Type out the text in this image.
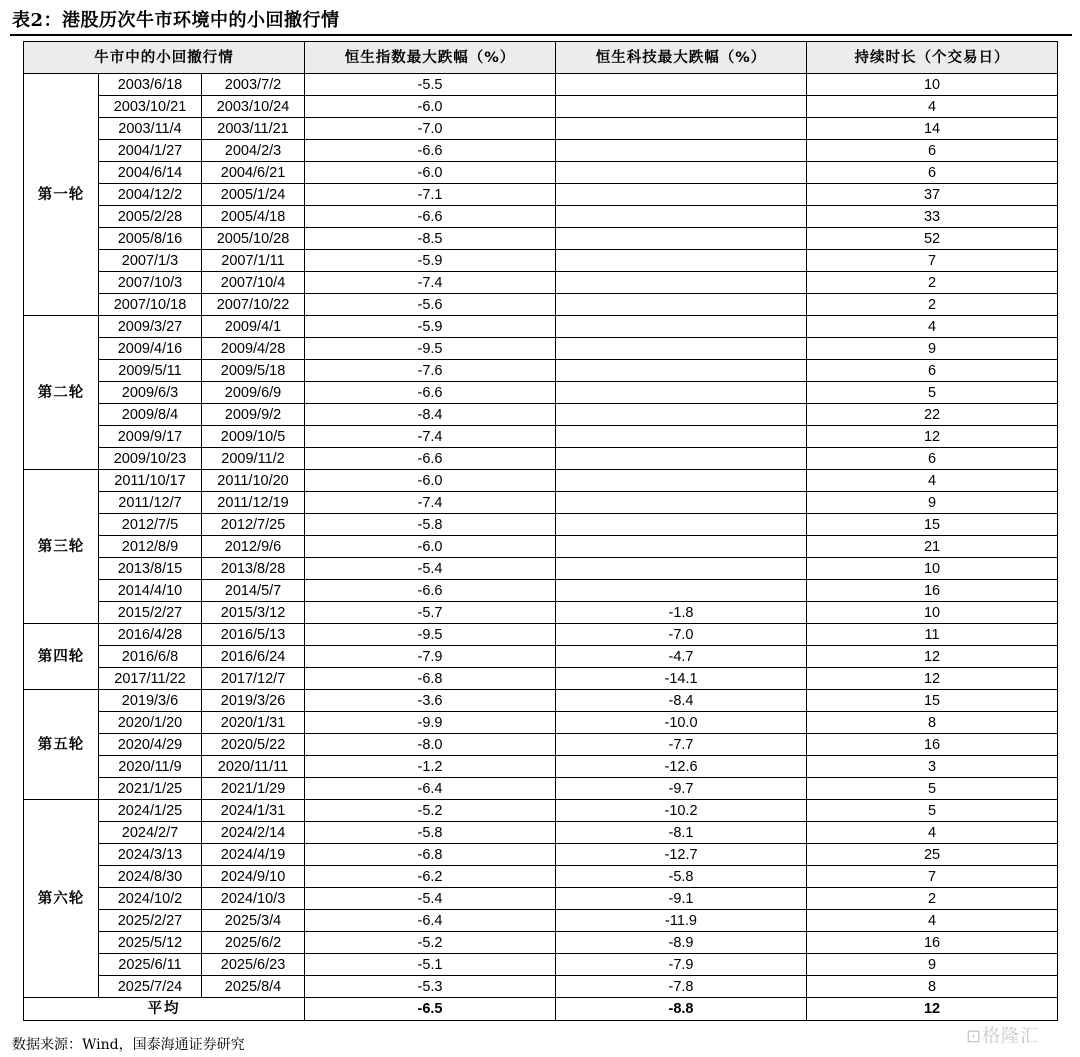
表2：港股历次牛市环境中的小回撤行情
牛市中的小回撤行情			恒生指数最大跌幅（%）	恒生科技最大跌幅（%）	持续时长（个交易日）
第一轮	2003/6/18	2003/7/2	-5.5		10
	2003/10/21	2003/10/24	-6.0		4
	2003/11/4	2003/11/21	-7.0		14
	2004/1/27	2004/2/3	-6.6		6
	2004/6/14	2004/6/21	-6.0		6
	2004/12/2	2005/1/24	-7.1		37
	2005/2/28	2005/4/18	-6.6		33
	2005/8/16	2005/10/28	-8.5		52
	2007/1/3	2007/1/11	-5.9		7
	2007/10/3	2007/10/4	-7.4		2
	2007/10/18	2007/10/22	-5.6		2
第二轮	2009/3/27	2009/4/1	-5.9		4
	2009/4/16	2009/4/28	-9.5		9
	2009/5/11	2009/5/18	-7.6		6
	2009/6/3	2009/6/9	-6.6		5
	2009/8/4	2009/9/2	-8.4		22
	2009/9/17	2009/10/5	-7.4		12
	2009/10/23	2009/11/2	-6.6		6
第三轮	2011/10/17	2011/10/20	-6.0		4
	2011/12/7	2011/12/19	-7.4		9
	2012/7/5	2012/7/25	-5.8		15
	2012/8/9	2012/9/6	-6.0		21
	2013/8/15	2013/8/28	-5.4		10
	2014/4/10	2014/5/7	-6.6		16
	2015/2/27	2015/3/12	-5.7	-1.8	10
第四轮	2016/4/28	2016/5/13	-9.5	-7.0	11
	2016/6/8	2016/6/24	-7.9	-4.7	12
	2017/11/22	2017/12/7	-6.8	-14.1	12
第五轮	2019/3/6	2019/3/26	-3.6	-8.4	15
	2020/1/20	2020/1/31	-9.9	-10.0	8
	2020/4/29	2020/5/22	-8.0	-7.7	16
	2020/11/9	2020/11/11	-1.2	-12.6	3
	2021/1/25	2021/1/29	-6.4	-9.7	5
第六轮	2024/1/25	2024/1/31	-5.2	-10.2	5
	2024/2/7	2024/2/14	-5.8	-8.1	4
	2024/3/13	2024/4/19	-6.8	-12.7	25
	2024/8/30	2024/9/10	-6.2	-5.8	7
	2024/10/2	2024/10/3	-5.4	-9.1	2
	2025/2/27	2025/3/4	-6.4	-11.9	4
	2025/5/12	2025/6/2	-5.2	-8.9	16
	2025/6/11	2025/6/23	-5.1	-7.9	9
	2025/7/24	2025/8/4	-5.3	-7.8	8
平均			-6.5	-8.8	12
数据来源：Wind，国泰海通证券研究	⊡格隆汇
